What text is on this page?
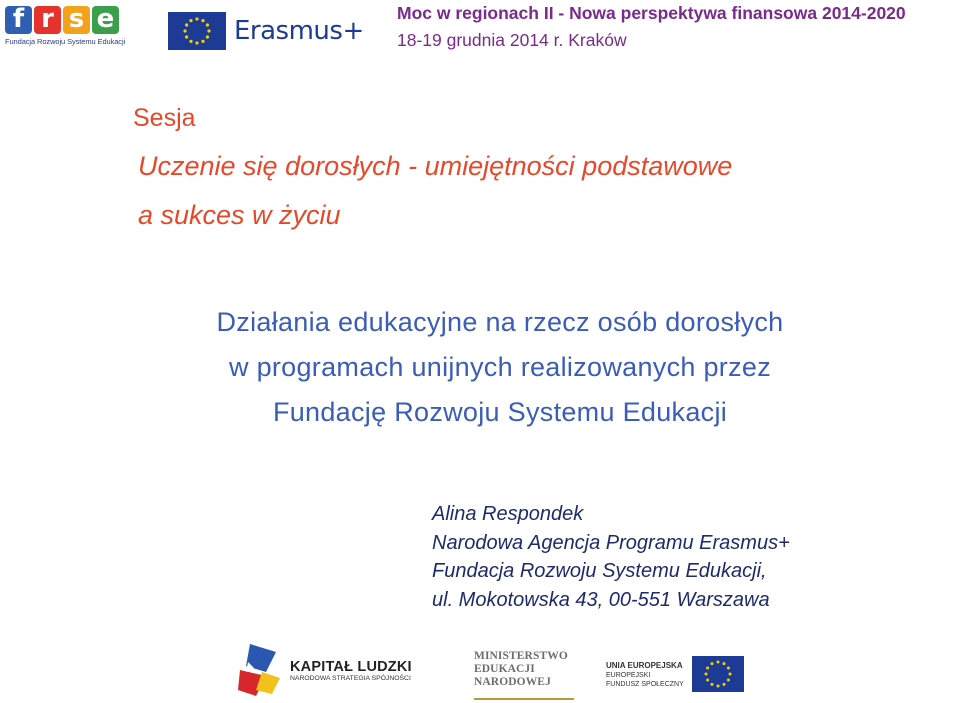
f r s e
Fundacja Rozwoju Systemu Edukacji	Erasmus+
Moc w regionach II - Nowa perspektywa finansowa 2014-2020
18-19 grudnia 2014 r. Kraków
Sesja
Uczenie się dorosłych - umiejętności podstawowe
a sukces w życiu
Działania edukacyjne na rzecz osób dorosłych
w programach unijnych realizowanych przez
Fundację Rozwoju Systemu Edukacji
Alina Respondek
Narodowa Agencja Programu Erasmus+
Fundacja Rozwoju Systemu Edukacji,
ul. Mokotowska 43, 00-551 Warszawa
KAPITAŁ LUDZKI
NARODOWA STRATEGIA SPÓJNOŚCI
MINISTERSTWO
EDUKACJI
NARODOWEJ
UNIA EUROPEJSKA
EUROPEJSKI
FUNDUSZ SPOŁECZNY
